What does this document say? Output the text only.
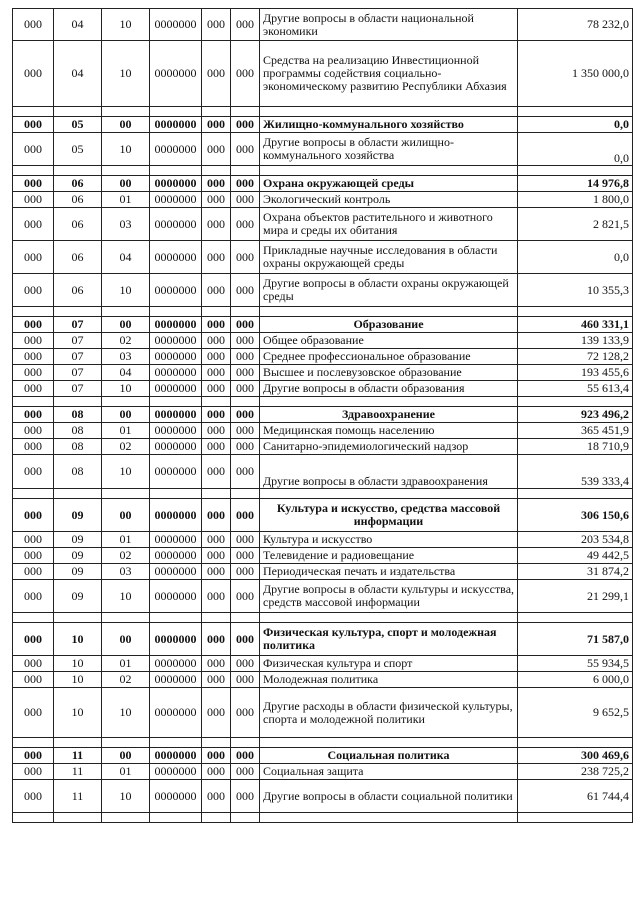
000	04	10	0000000	000	000	Другие вопросы в области национальной экономики	78 232,0
000	04	10	0000000	000	000	Средства на реализацию Инвестиционной программы содействия социально-экономическому развитию Республики Абхазия	1 350 000,0

000	05	00	0000000	000	000	Жилищно-коммунального хозяйство	0,0
000	05	10	0000000	000	000	Другие вопросы в области жилищно-коммунального хозяйства	0,0

000	06	00	0000000	000	000	Охрана окружающей среды	14 976,8
000	06	01	0000000	000	000	Экологический контроль	1 800,0
000	06	03	0000000	000	000	Охрана объектов растительного и животного мира и среды их обитания	2 821,5
000	06	04	0000000	000	000	Прикладные научные исследования в области охраны окружающей среды	0,0
000	06	10	0000000	000	000	Другие вопросы в области охраны окружающей среды	10 355,3

000	07	00	0000000	000	000	Образование	460 331,1
000	07	02	0000000	000	000	Общее образование	139 133,9
000	07	03	0000000	000	000	Среднее профессиональное образование	72 128,2
000	07	04	0000000	000	000	Высшее и послевузовское образование	193 455,6
000	07	10	0000000	000	000	Другие вопросы в области образования	55 613,4

000	08	00	0000000	000	000	Здравоохранение	923 496,2
000	08	01	0000000	000	000	Медицинская помощь населению	365 451,9
000	08	02	0000000	000	000	Санитарно-эпидемиологический надзор	18 710,9
000	08	10	0000000	000	000	Другие вопросы в области здравоохранения	539 333,4

000	09	00	0000000	000	000	Культура и искусство, средства массовой информации	306 150,6
000	09	01	0000000	000	000	Культура и искусство	203 534,8
000	09	02	0000000	000	000	Телевидение и радиовещание	49 442,5
000	09	03	0000000	000	000	Периодическая печать и издательства	31 874,2
000	09	10	0000000	000	000	Другие вопросы в области культуры и искусства, средств массовой информации	21 299,1

000	10	00	0000000	000	000	Физическая культура, спорт и молодежная политика	71 587,0
000	10	01	0000000	000	000	Физическая культура и спорт	55 934,5
000	10	02	0000000	000	000	Молодежная политика	6 000,0
000	10	10	0000000	000	000	Другие расходы в области физической культуры, спорта и молодежной политики	9 652,5

000	11	00	0000000	000	000	Социальная политика	300 469,6
000	11	01	0000000	000	000	Социальная защита	238 725,2
000	11	10	0000000	000	000	Другие вопросы в области социальной политики	61 744,4
